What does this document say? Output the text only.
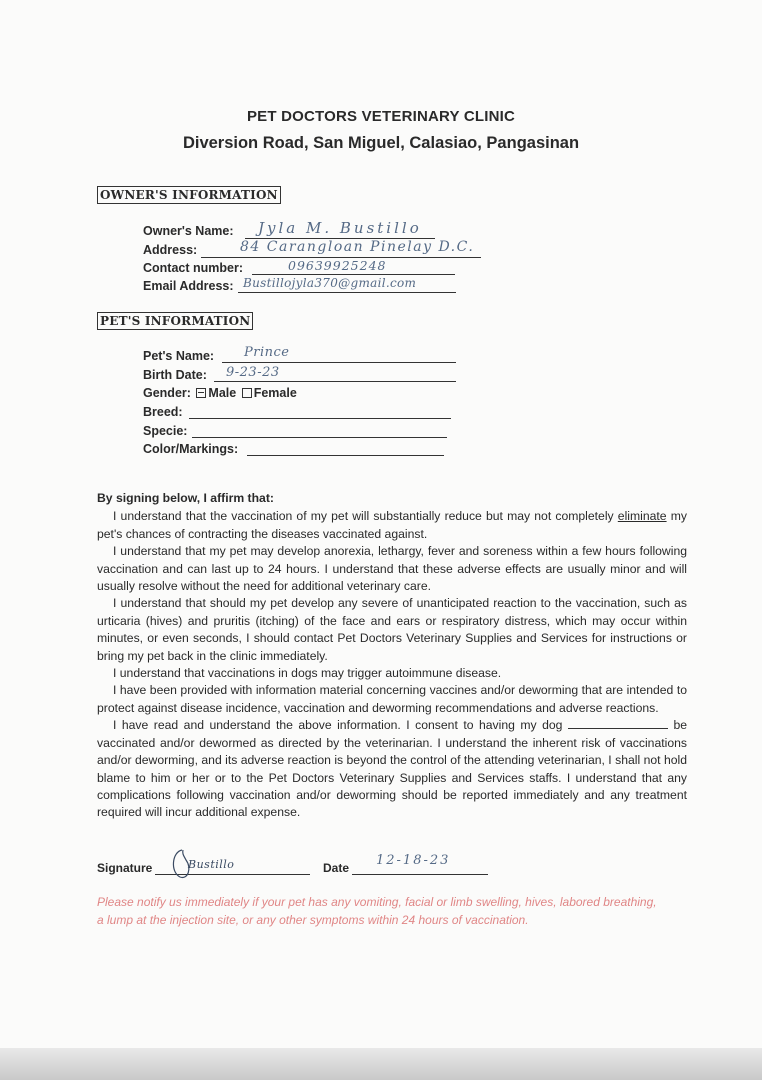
PET DOCTORS VETERINARY CLINIC
Diversion Road, San Miguel, Calasiao, Pangasinan
OWNER'S INFORMATION
Owner's Name: Jyla M. Bustillo
Address:	84 Carangloan Pinelay D.C.
Contact number:	09639925248
Email Address: Bustillojyla370@gmail.com
PET'S INFORMATION
Pet's Name: Prince
Birth Date: 9-23-23
Gender: Male Female
Breed:
Specie:
Color/Markings:

By signing below, I affirm that:

I understand that the vaccination of my pet will substantially reduce but may not completely eliminate my pet's chances of contracting the diseases vaccinated against.

I understand that my pet may develop anorexia, lethargy, fever and soreness within a few hours following vaccination and can last up to 24 hours. I understand that these adverse effects are usually minor and will usually resolve without the need for additional veterinary care.

I understand that should my pet develop any severe of unanticipated reaction to the vaccination, such as urticaria (hives) and pruritis (itching) of the face and ears or respiratory distress, which may occur within minutes, or even seconds, I should contact Pet Doctors Veterinary Supplies and Services for instructions or bring my pet back in the clinic immediately.

I understand that vaccinations in dogs may trigger autoimmune disease.

I have been provided with information material concerning vaccines and/or deworming that are intended to protect against disease incidence, vaccination and deworming recommendations and adverse reactions.

I have read and understand the above information. I consent to having my dog	be vaccinated and/or dewormed as directed by the veterinarian. I understand the inherent risk of vaccinations and/or deworming, and its adverse reaction is beyond the control of the attending veterinarian, I shall not hold blame to him or her or to the Pet Doctors Veterinary Supplies and Services staffs. I understand that any complications following vaccination and/or deworming should be reported immediately and any treatment required will incur additional expense.

Signature	Bustillo	Date 12-18-23
Please notify us immediately if your pet has any vomiting, facial or limb swelling, hives, labored breathing, a lump at the injection site, or any other symptoms within 24 hours of vaccination.
